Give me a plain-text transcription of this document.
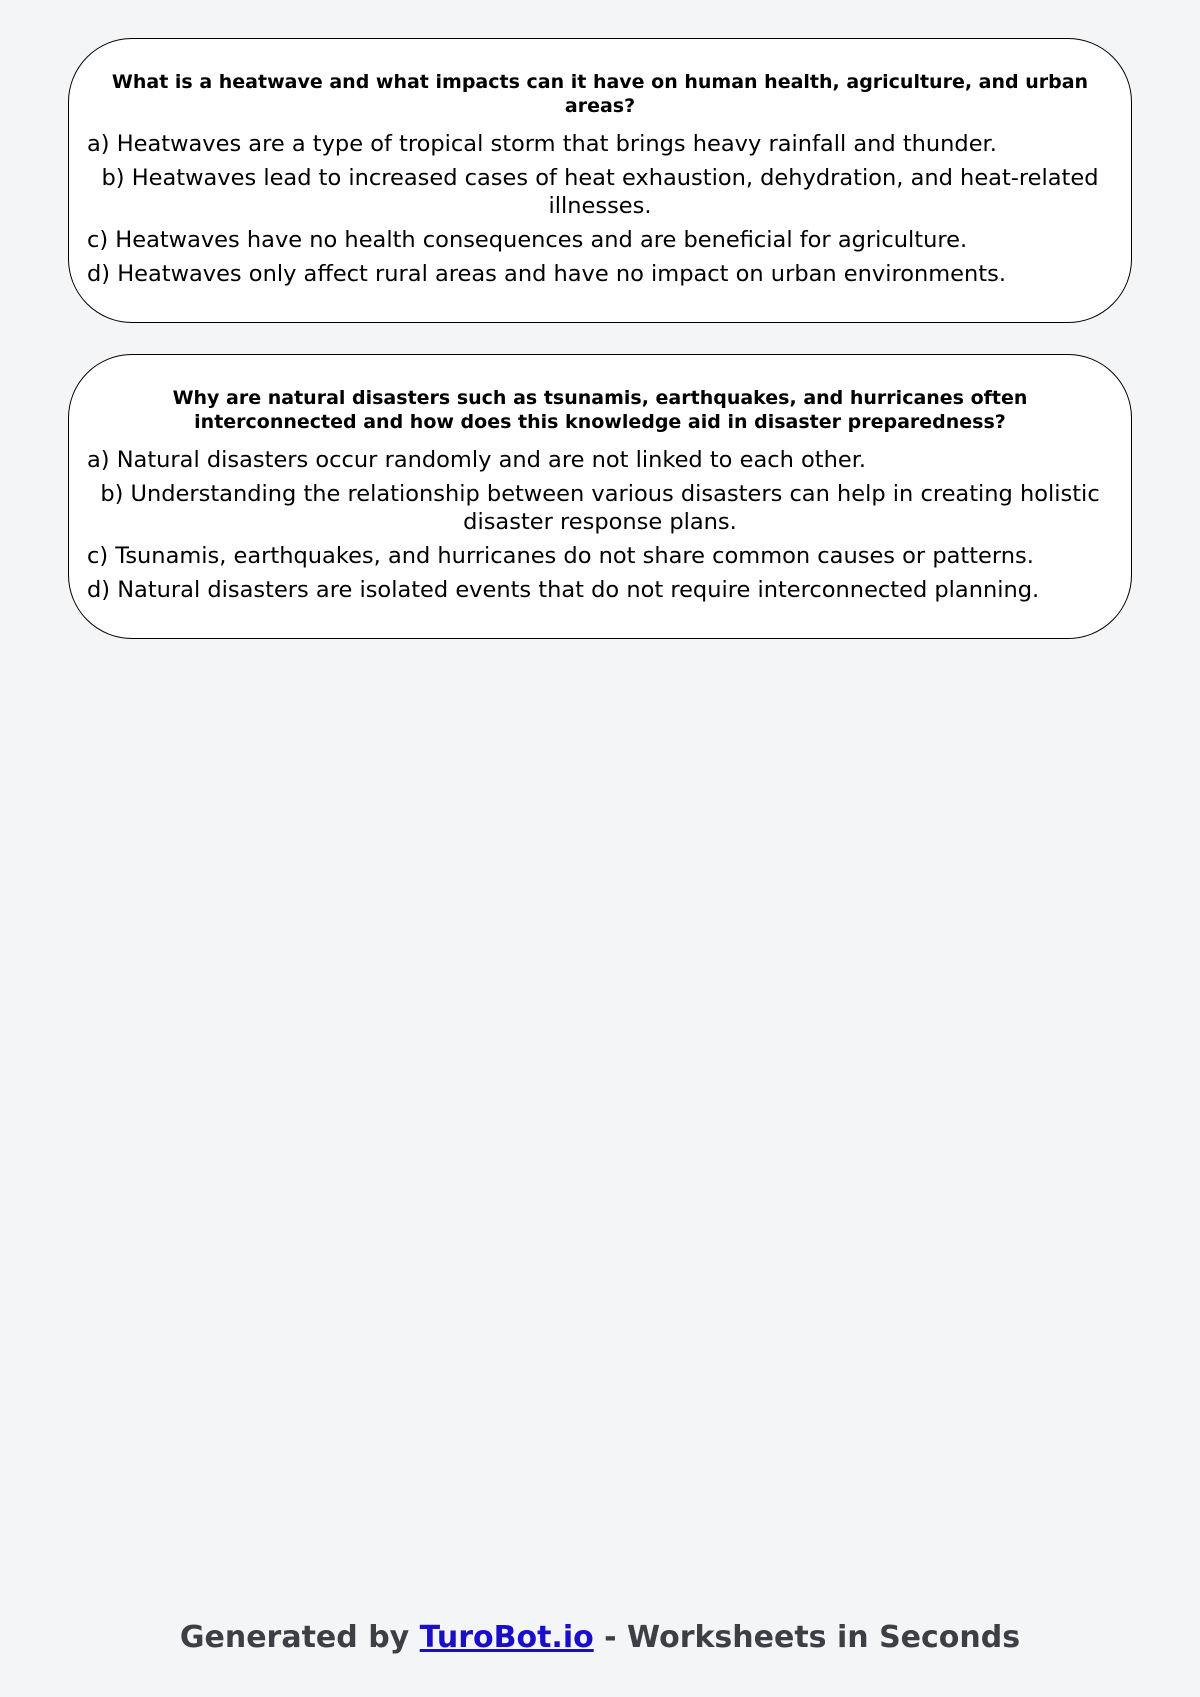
What is a heatwave and what impacts can it have on human health, agriculture, and urban areas?

a) Heatwaves are a type of tropical storm that brings heavy rainfall and thunder.
b) Heatwaves lead to increased cases of heat exhaustion, dehydration, and heat-related illnesses.
c) Heatwaves have no health consequences and are beneficial for agriculture.
d) Heatwaves only affect rural areas and have no impact on urban environments.

Why are natural disasters such as tsunamis, earthquakes, and hurricanes often interconnected and how does this knowledge aid in disaster preparedness?

a) Natural disasters occur randomly and are not linked to each other.
b) Understanding the relationship between various disasters can help in creating holistic disaster response plans.
c) Tsunamis, earthquakes, and hurricanes do not share common causes or patterns.
d) Natural disasters are isolated events that do not require interconnected planning.
Generated by TuroBot.io - Worksheets in Seconds
